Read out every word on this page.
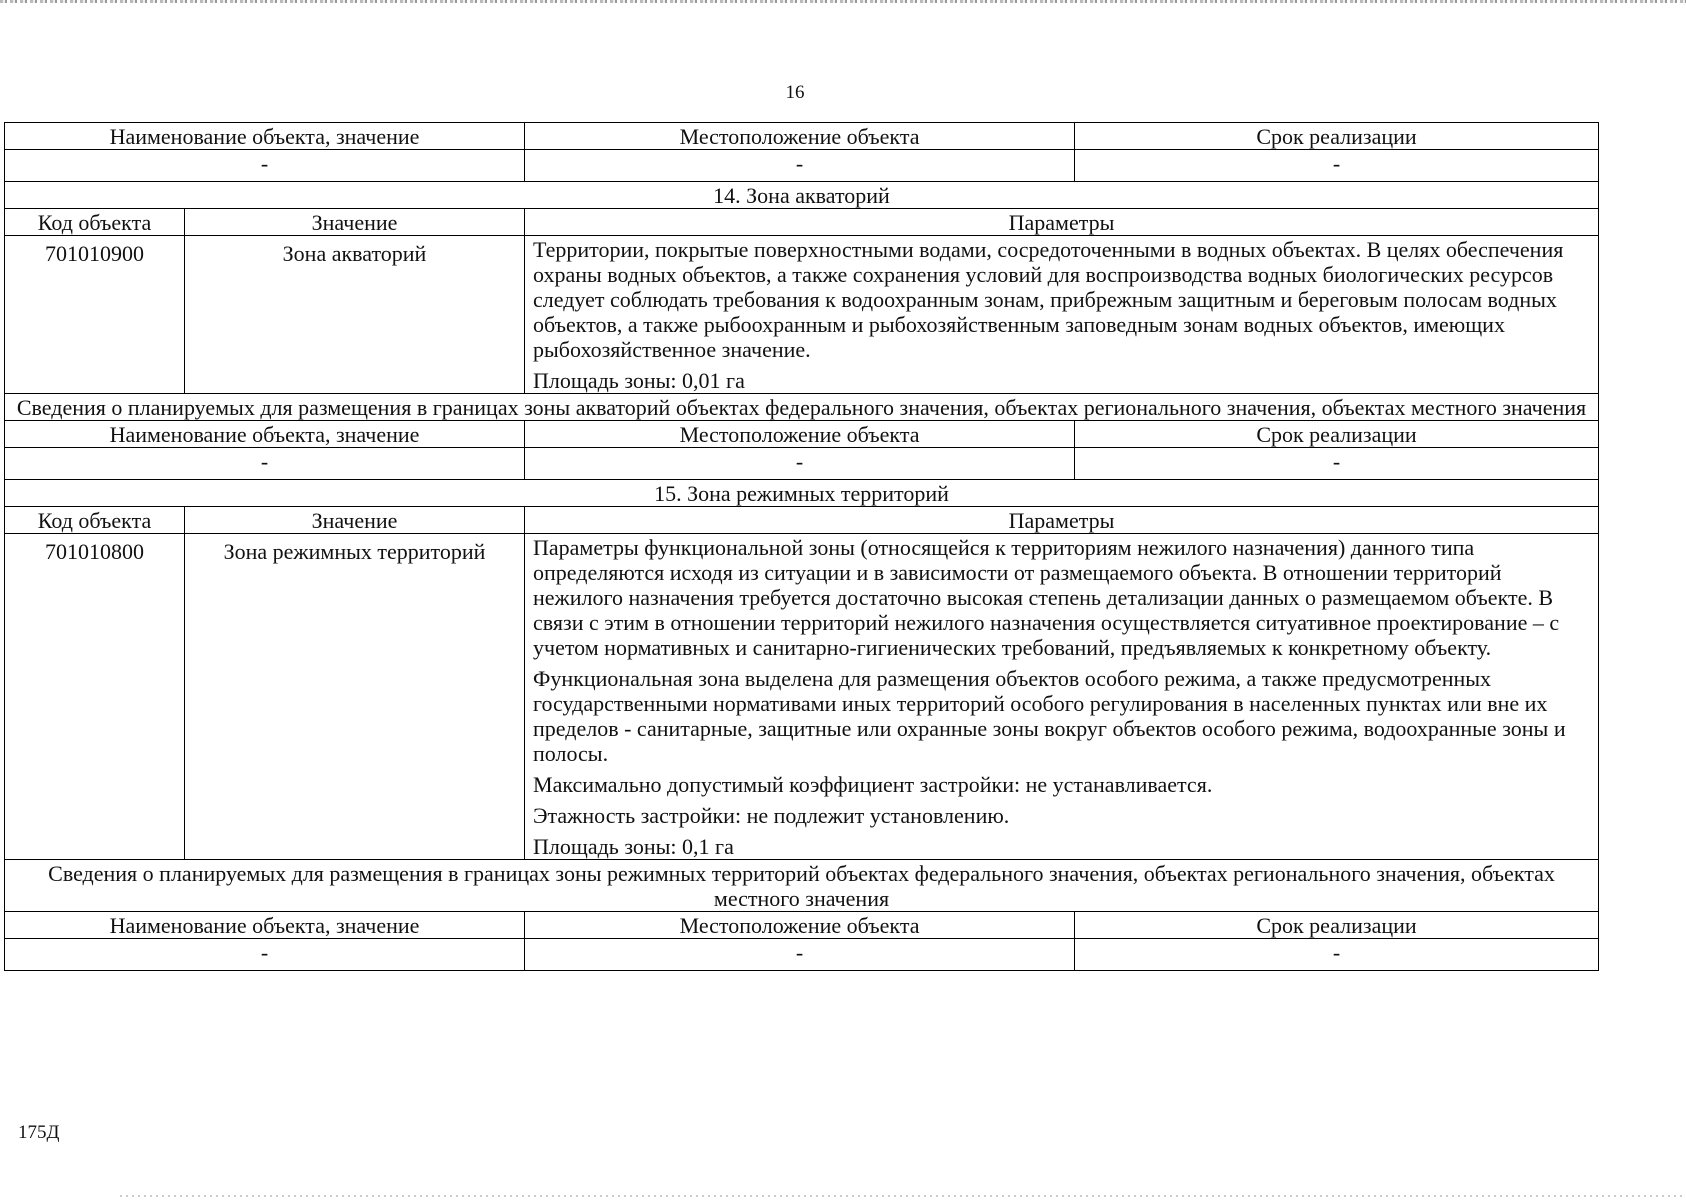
16
Наименование объекта, значение		Местоположение объекта	Срок реализации
-		-	-
14. Зона акваторий			
Код объекта	Значение	Параметры	
701010900	Зона акваторий	Территории, покрытые поверхностными водами, сосредоточенными в водных объектах. В целях обеспечения охраны водных объектов, а также сохранения условий для воспроизводства водных биологических ресурсов следует соблюдать требования к водоохранным зонам, прибрежным защитным и береговым полосам водных объектов, а также рыбоохранным и рыбохозяйственным заповедным зонам водных объектов, имеющих рыбохозяйственное значение.

Площадь зоны: 0,01 га	

Сведения о планируемых для размещения в границах зоны акваторий объектах федерального значения, объектах регионального значения, объектах местного значения			
Наименование объекта, значение		Местоположение объекта	Срок реализации
-		-	-
15. Зона режимных территорий			
Код объекта	Значение	Параметры	
701010800	Зона режимных территорий	Параметры функциональной зоны (относящейся к территориям нежилого назначения) данного типа определяются исходя из ситуации и в зависимости от размещаемого объекта. В отношении территорий нежилого назначения требуется достаточно высокая степень детализации данных о размещаемом объекте. В связи с этим в отношении территорий нежилого назначения осуществляется ситуативное проектирование – с учетом нормативных и санитарно-гигиенических требований, предъявляемых к конкретному объекту.

Функциональная зона выделена для размещения объектов особого режима, а также предусмотренных государственными нормативами иных территорий особого регулирования в населенных пунктах или вне их пределов - санитарные, защитные или охранные зоны вокруг объектов особого режима, водоохранные зоны и полосы.

Максимально допустимый коэффициент застройки: не устанавливается.

Этажность застройки: не подлежит установлению.

Площадь зоны: 0,1 га	

Сведения о планируемых для размещения в границах зоны режимных территорий объектах федерального значения, объектах регионального значения, объектах местного значения			
Наименование объекта, значение		Местоположение объекта	Срок реализации
-		-	-
175Д
